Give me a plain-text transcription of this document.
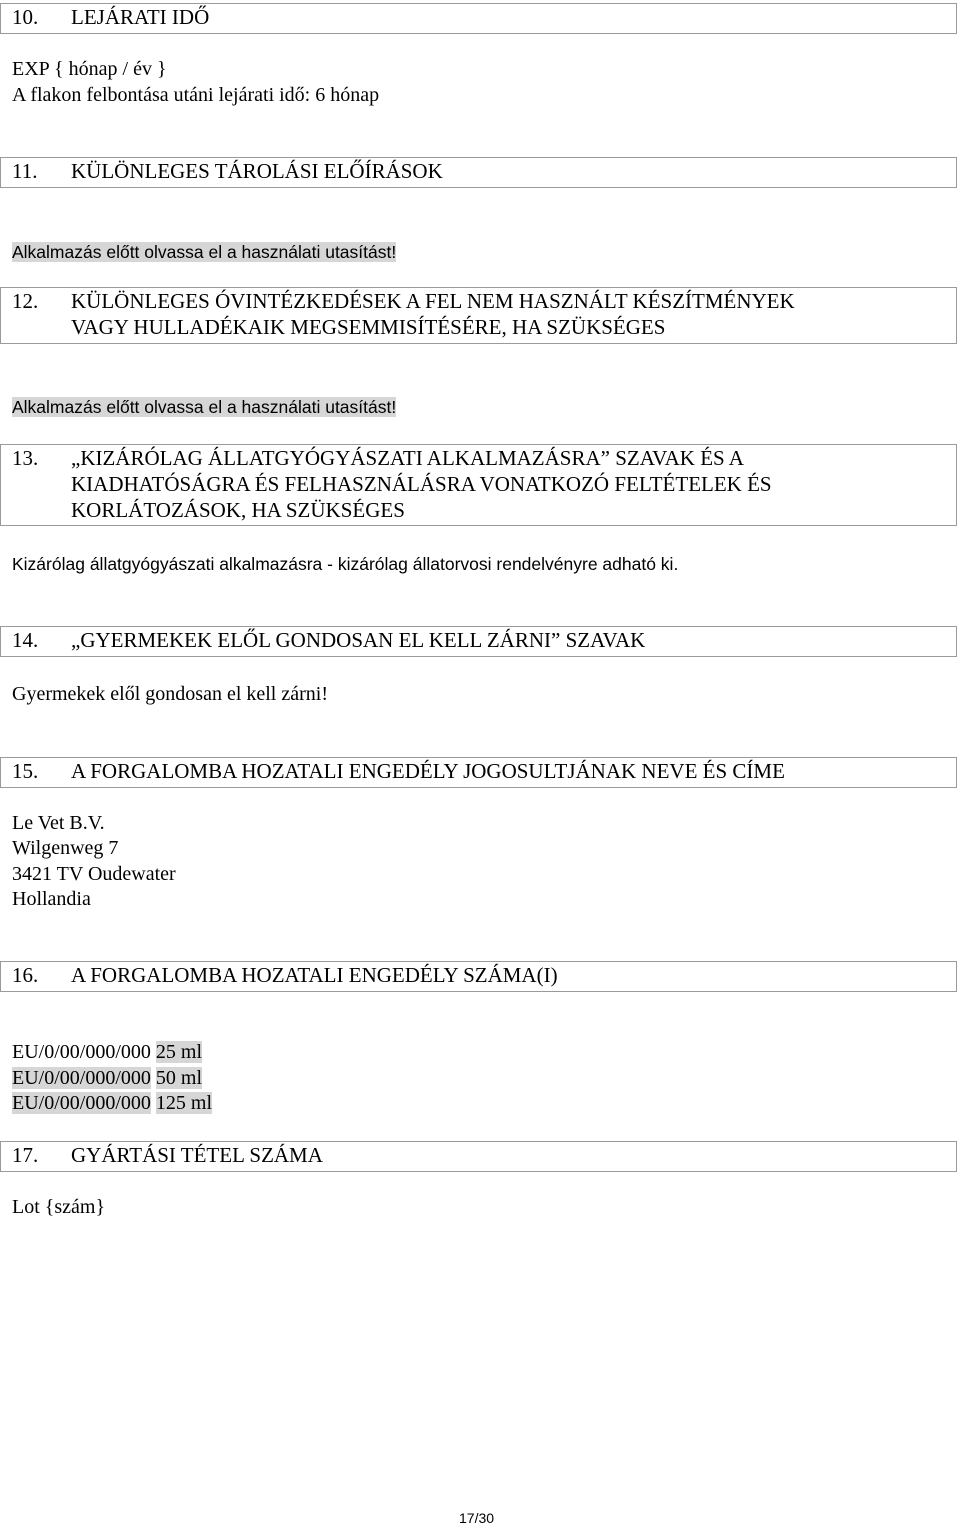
10. LEJÁRATI IDŐ
EXP { hónap / év }
A flakon felbontása utáni lejárati idő: 6 hónap
11. KÜLÖNLEGES TÁROLÁSI ELŐÍRÁSOK

Alkalmazás előtt olvassa el a használati utasítást!

12. KÜLÖNLEGES ÓVINTÉZKEDÉSEK A FEL NEM HASZNÁLT KÉSZÍTMÉNYEK
VAGY HULLADÉKAIK MEGSEMMISÍTÉSÉRE, HA SZÜKSÉGES

Alkalmazás előtt olvassa el a használati utasítást!

13. „KIZÁRÓLAG ÁLLATGYÓGYÁSZATI ALKALMAZÁSRA” SZAVAK ÉS A
KIADHATÓSÁGRA ÉS FELHASZNÁLÁSRA VONATKOZÓ FELTÉTELEK ÉS
KORLÁTOZÁSOK, HA SZÜKSÉGES
Kizárólag állatgyógyászati alkalmazásra - kizárólag állatorvosi rendelvényre adható ki.
14. „GYERMEKEK ELŐL GONDOSAN EL KELL ZÁRNI” SZAVAK
Gyermekek elől gondosan el kell zárni!
15. A FORGALOMBA HOZATALI ENGEDÉLY JOGOSULTJÁNAK NEVE ÉS CÍME
Le Vet B.V.
Wilgenweg 7
3421 TV Oudewater
Hollandia
16. A FORGALOMBA HOZATALI ENGEDÉLY SZÁMA(I)

EU/0/00/000/000 25 ml

EU/0/00/000/000 50 ml

EU/0/00/000/000 125 ml

17. GYÁRTÁSI TÉTEL SZÁMA
Lot {szám}
17/30
